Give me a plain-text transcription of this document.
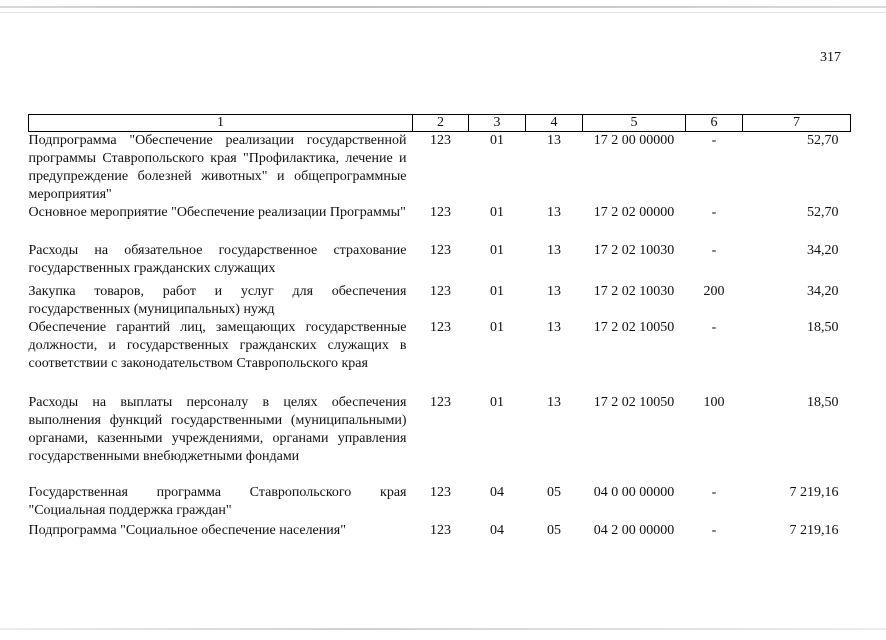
317
1	2	3	4	5	6	7
Подпрограмма "Обеспечение реализации государственной программы Ставропольского края "Профилактика, лечение и предупреждение болезней животных" и общепрограммные мероприятия"	123	01	13	17 2 00 00000	-	52,70
Основное мероприятие "Обеспечение реализации Программы"	123	01	13	17 2 02 00000	-	52,70
Расходы на обязательное государственное страхование государственных гражданских служащих	123	01	13	17 2 02 10030	-	34,20
Закупка товаров, работ и услуг для обеспечения государственных (муниципальных) нужд	123	01	13	17 2 02 10030	200	34,20
Обеспечение гарантий лиц, замещающих государственные должности, и государственных гражданских служащих в соответствии с законодательством Ставропольского края	123	01	13	17 2 02 10050	-	18,50
Расходы на выплаты персоналу в целях обеспечения выполнения функций государственными (муниципальными) органами, казенными учреждениями, органами управления государственными внебюджетными фондами	123	01	13	17 2 02 10050	100	18,50
Государственная программа Ставропольского края "Социальная поддержка граждан"	123	04	05	04 0 00 00000	-	7 219,16
Подпрограмма "Социальное обеспечение населения"	123	04	05	04 2 00 00000	-	7 219,16
